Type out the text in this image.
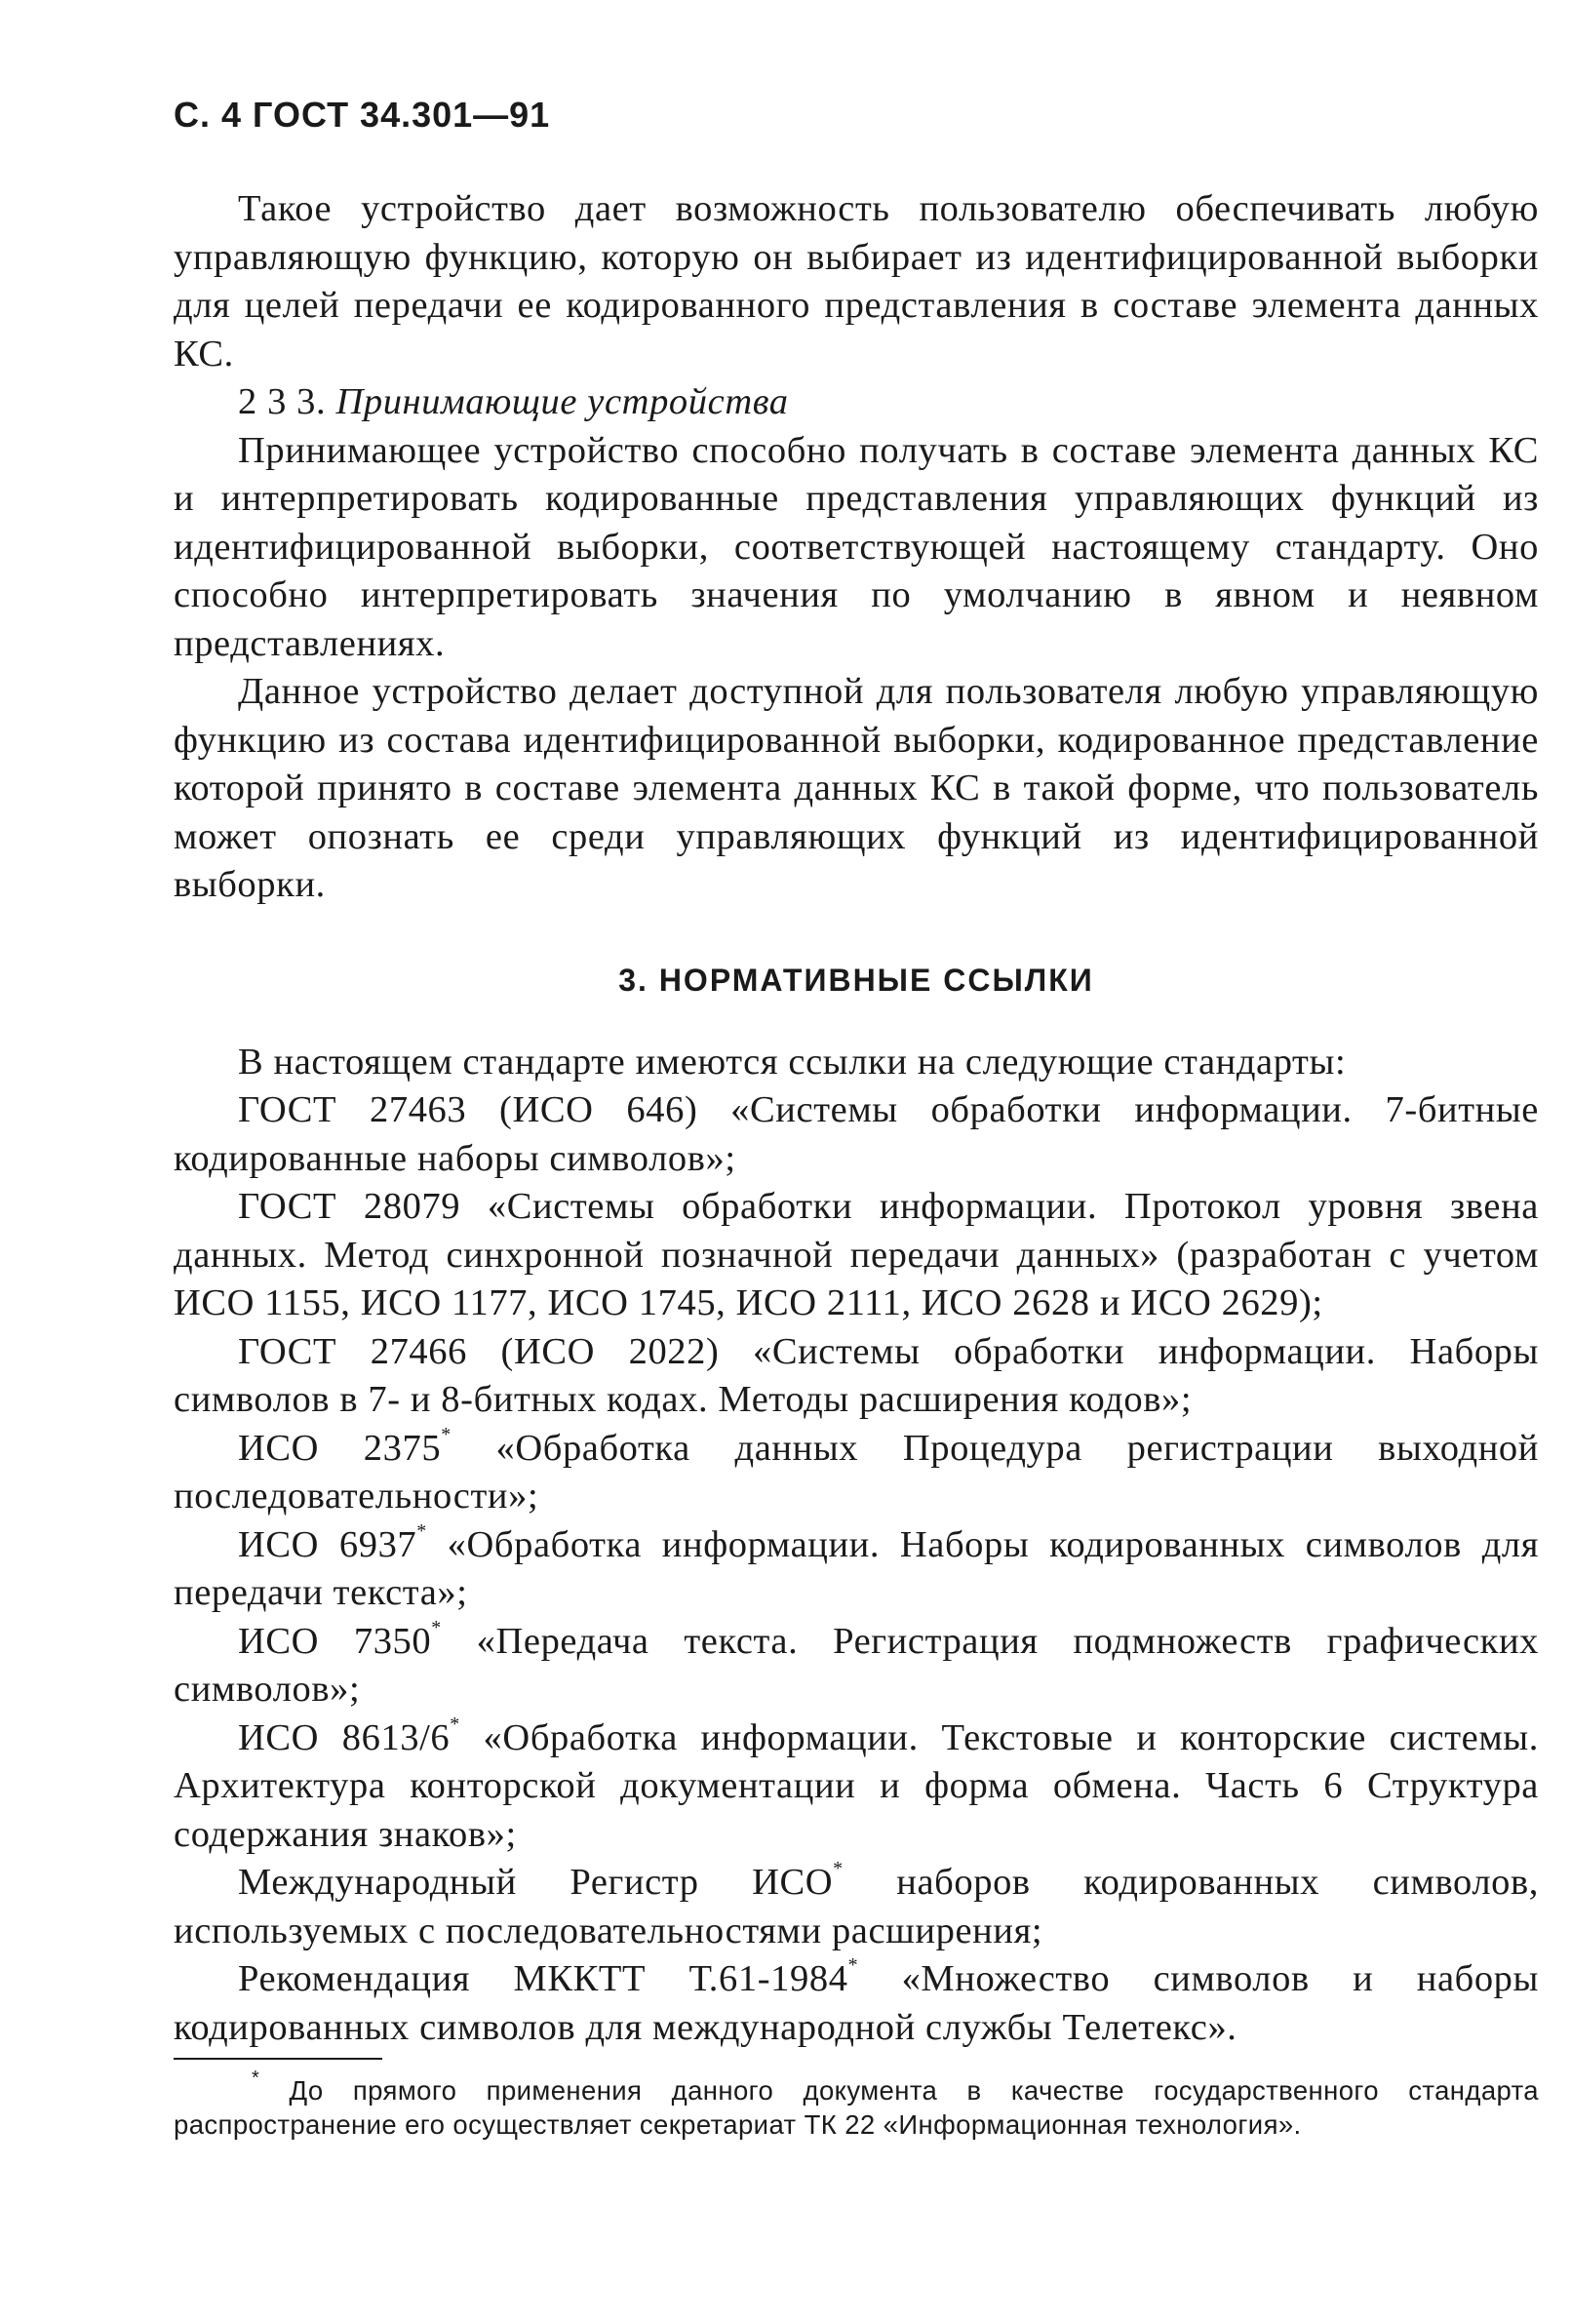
С. 4 ГОСТ 34.301—91

Такое устройство дает возможность пользователю обеспечивать любую управляющую функцию, которую он выбирает из идентифицированной выборки для целей передачи ее кодированного представления в составе элемента данных КС.

2 3 3. Принимающие устройства

Принимающее устройство способно получать в составе элемента данных КС и интерпретировать кодированные представления управляющих функций из идентифицированной выборки, соответствующей настоящему стандарту. Оно способно интерпретировать значения по умолчанию в явном и неявном представлениях.

Данное устройство делает доступной для пользователя любую управляющую функцию из состава идентифицированной выборки, кодированное представление которой принято в составе элемента данных КС в такой форме, что пользователь может опознать ее среди управляющих функций из идентифицированной выборки.

3. НОРМАТИВНЫЕ ССЫЛКИ

В настоящем стандарте имеются ссылки на следующие стандарты:

ГОСТ 27463 (ИСО 646) «Системы обработки информации. 7-битные кодированные наборы символов»;

ГОСТ 28079 «Системы обработки информации. Протокол уровня звена данных. Метод синхронной позначной передачи данных» (разработан с учетом ИСО 1155, ИСО 1177, ИСО 1745, ИСО 2111, ИСО 2628 и ИСО 2629);

ГОСТ 27466 (ИСО 2022) «Системы обработки информации. Наборы символов в 7- и 8-битных кодах. Методы расширения кодов»;

ИСО 2375* «Обработка данных Процедура регистрации выходной последовательности»;

ИСО 6937* «Обработка информации. Наборы кодированных символов для передачи текста»;

ИСО 7350* «Передача текста. Регистрация подмножеств графических символов»;

ИСО 8613/6* «Обработка информации. Текстовые и конторские системы. Архитектура конторской документации и форма обмена. Часть 6 Структура содержания знаков»;

Международный Регистр ИСО* наборов кодированных символов, используемых с последовательностями расширения;

Рекомендация МККТТ Т.61-1984* «Множество символов и наборы кодированных символов для международной службы Телетекс».

* До прямого применения данного документа в качестве государственного стандарта распространение его осуществляет секретариат ТК 22 «Информационная технология».
